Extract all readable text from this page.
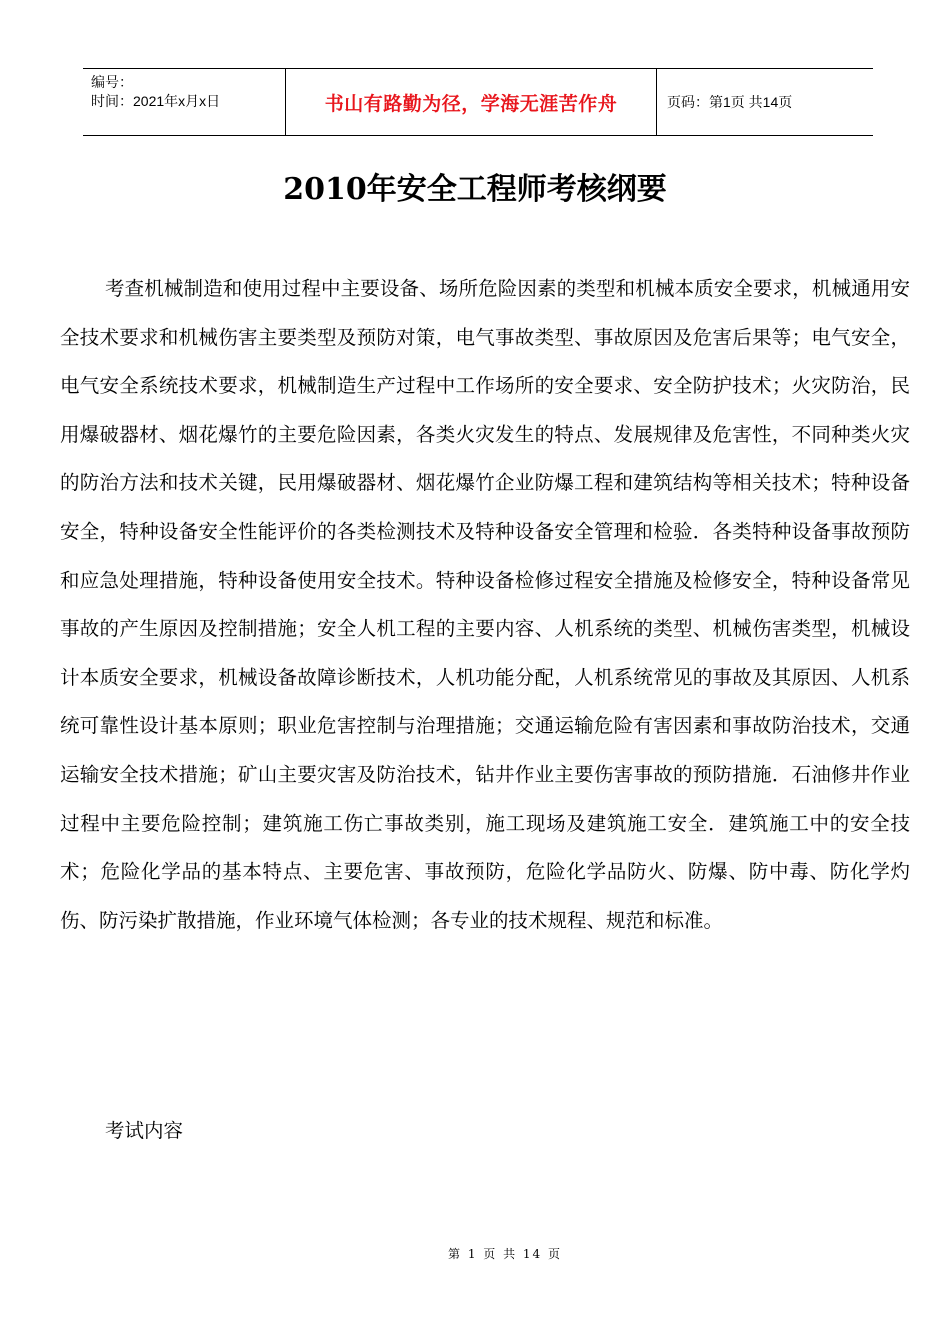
编号：
时间：2021年x月x日	书山有路勤为径，学海无涯苦作舟	页码：第1页 共14页
2010年安全工程师考核纲要

考查机械制造和使用过程中主要设备、场所危险因素的类型和机械本质安全要求，机械通用安全技术要求和机械伤害主要类型及预防对策，电气事故类型、事故原因及危害后果等；电气安全，电气安全系统技术要求，机械制造生产过程中工作场所的安全要求、安全防护技术；火灾防治，民用爆破器材、烟花爆竹的主要危险因素，各类火灾发生的特点、发展规律及危害性，不同种类火灾的防治方法和技术关键，民用爆破器材、烟花爆竹企业防爆工程和建筑结构等相关技术；特种设备安全，特种设备安全性能评价的各类检测技术及特种设备安全管理和检验．各类特种设备事故预防和应急处理措施，特种设备使用安全技术。特种设备检修过程安全措施及检修安全，特种设备常见事故的产生原因及控制措施；安全人机工程的主要内容、人机系统的类型、机械伤害类型，机械设计本质安全要求，机械设备故障诊断技术，人机功能分配，人机系统常见的事故及其原因、人机系统可靠性设计基本原则；职业危害控制与治理措施；交通运输危险有害因素和事故防治技术，交通运输安全技术措施；矿山主要灾害及防治技术，钻井作业主要伤害事故的预防措施．石油修井作业过程中主要危险控制；建筑施工伤亡事故类别，施工现场及建筑施工安全．建筑施工中的安全技术；危险化学品的基本特点、主要危害、事故预防，危险化学品防火、防爆、防中毒、防化学灼伤、防污染扩散措施，作业环境气体检测；各专业的技术规程、规范和标准。

考试内容
第 1 页 共 14 页
